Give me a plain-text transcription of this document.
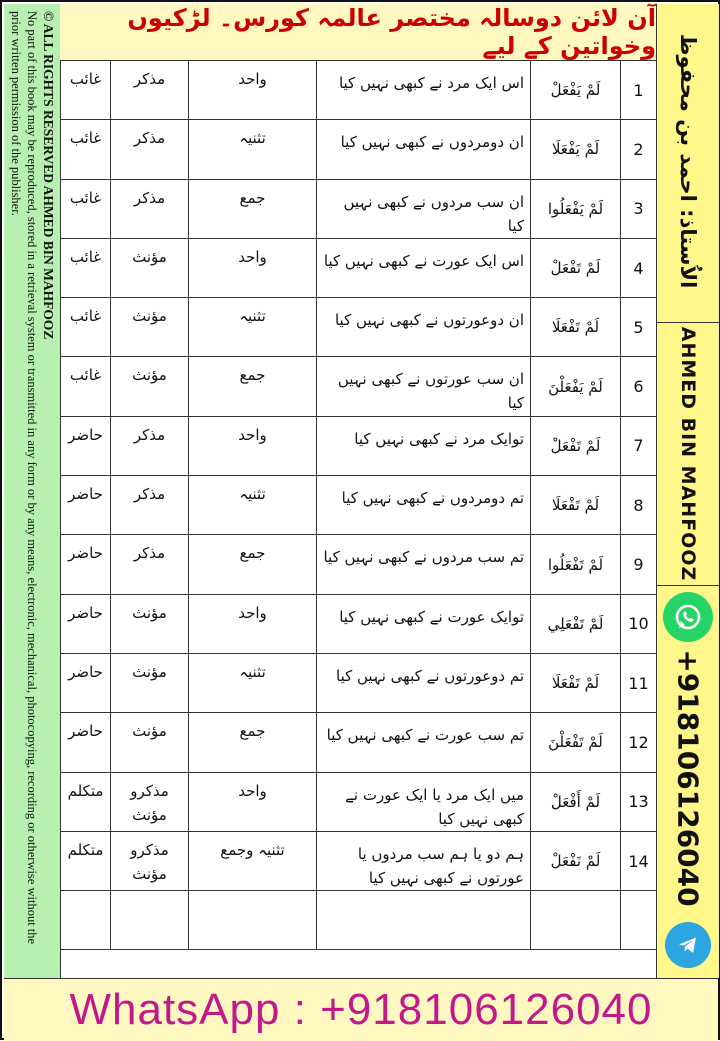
© ALL RIGHTS RESERVED AHMED BIN MAHFOOZ
No part of this book may be reproduced, stored in a retrieval system or transmitted in any form or by any means, electronic, mechanical, photocopying, recording or otherwise without the prior written permission of the publisher.	آن لائن دوسالہ مختصر عالمہ کورس۔ لڑکیوں وخواتین کے لیے
غائب	مذکر	واحد	اس ایک مرد نے کبھی نہیں کیا	لَمْ یَفْعَلْ	1
غائب	مذکر	تثنیہ	ان دومردوں نے کبھی نہیں کیا	لَمْ یَفْعَلَا	2
غائب	مذکر	جمع	ان سب مردوں نے کبھی نہیں کیا	لَمْ یَفْعَلُوا	3
غائب	مؤنث	واحد	اس ایک عورت نے کبھی نہیں کیا	لَمْ تَفْعَلْ	4
غائب	مؤنث	تثنیہ	ان دوعورتوں نے کبھی نہیں کیا	لَمْ تَفْعَلَا	5
غائب	مؤنث	جمع	ان سب عورتوں نے کبھی نہیں کیا	لَمْ یَفْعَلْنَ	6
حاضر	مذکر	واحد	توایک مرد نے کبھی نہیں کیا	لَمْ تَفْعَلْ	7
حاضر	مذکر	تثنیہ	تم دومردوں نے کبھی نہیں کیا	لَمْ تَفْعَلَا	8
حاضر	مذکر	جمع	تم سب مردوں نے کبھی نہیں کیا	لَمْ تَفْعَلُوا	9
حاضر	مؤنث	واحد	توایک عورت نے کبھی نہیں کیا	لَمْ تَفْعَلِي	10
حاضر	مؤنث	تثنیہ	تم دوعورتوں نے کبھی نہیں کیا	لَمْ تَفْعَلَا	11
حاضر	مؤنث	جمع	تم سب عورت نے کبھی نہیں کیا	لَمْ تَفْعَلْنَ	12
متکلم	مذکرو مؤنث	واحد	میں ایک مرد یا ایک عورت نے کبھی نہیں کیا	لَمْ أَفْعَلْ	13
متکلم	مذکرو مؤنث	تثنیہ وجمع	ہم دو یا ہم سب مردوں یا عورتوں نے کبھی نہیں کیا	لَمْ نَفْعَلْ	14

الاُستاذ: احمد بن محفوظ
AHMED BIN MAHFOOZ
+918106126040
WhatsApp : +918106126040
